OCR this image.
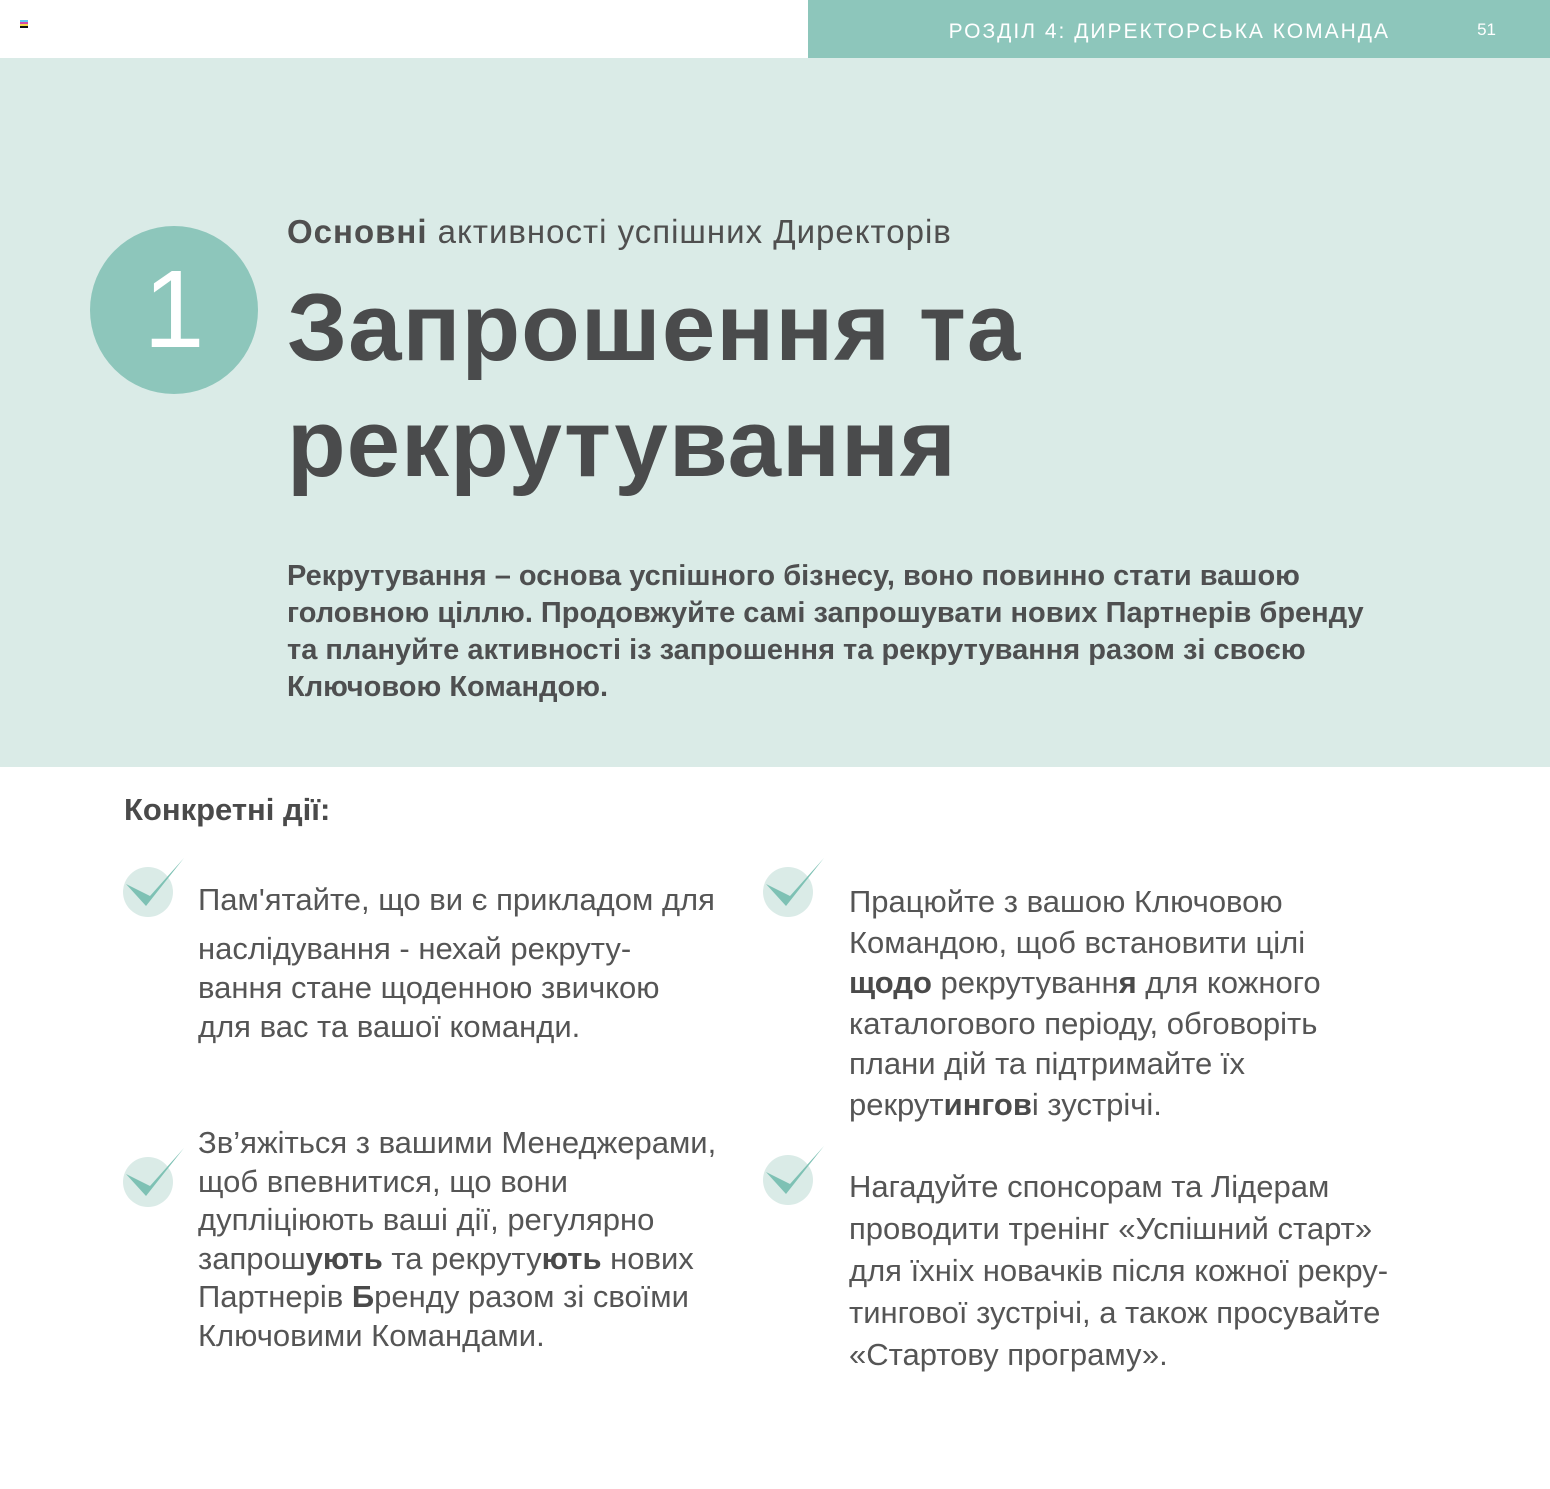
РОЗДІЛ 4: ДИРЕКТОРСЬКА КОМАНДА	51
1
Основні активності успішних Директорів
Запрошення та
рекрутування
Рекрутування – основа успішного бізнесу, воно повинно стати вашою головною ціллю. Продовжуйте самі запрошувати нових Партнерів бренду та плануйте активності із запрошення та рекрутування разом зі своєю Ключовою Командою.
Конкретні дії:
Пам'ятайте, що ви є прикладом для
наслідування - нехай рекруту-вання стане щоденною звичкою для вас та вашої команди.
Працюйте з вашою Ключовою Командою, щоб встановити цілі щодо рекрутування для кожного каталогового періоду, обговоріть плани дій та підтримайте їх рекрутингові зустрічі.
Зв’яжіться з вашими Менеджерами, щоб впевнитися, що вони дупліціюють ваші дії, регулярно запрошують та рекрутують нових Партнерів Бренду разом зі своїми Ключовими Командами.
Нагадуйте спонсорам та Лідерам проводити тренінг «Успішний старт» для їхніх новачків після кожної рекру-тингової зустрічі, а також просувайте «Стартову програму».
